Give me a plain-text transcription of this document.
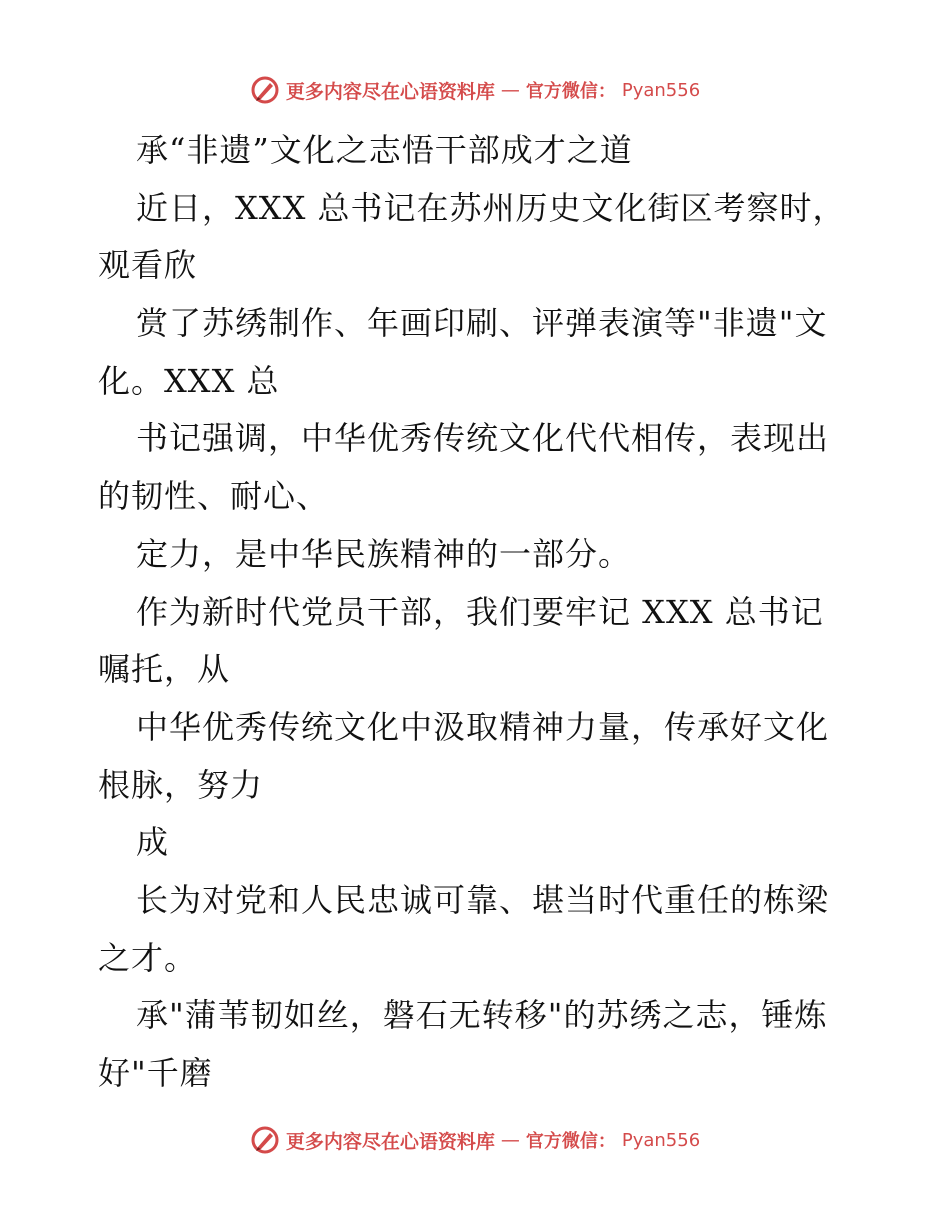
更多内容尽在心语资料库 — 官方微信： Pyan556
承“非遗”文化之志悟干部成才之道
近日，XXX 总书记在苏州历史文化街区考察时，
观看欣
赏了苏绣制作、年画印刷、评弹表演等"非遗"文
化。XXX 总
书记强调，中华优秀传统文化代代相传，表现出
的韧性、耐心、
定力，是中华民族精神的一部分。
作为新时代党员干部，我们要牢记 XXX 总书记
嘱托，从
中华优秀传统文化中汲取精神力量，传承好文化
根脉，努力
成
长为对党和人民忠诚可靠、堪当时代重任的栋梁
之才。
承"蒲苇韧如丝，磐石无转移"的苏绣之志，锤炼
好"千磨
更多内容尽在心语资料库 — 官方微信： Pyan556
